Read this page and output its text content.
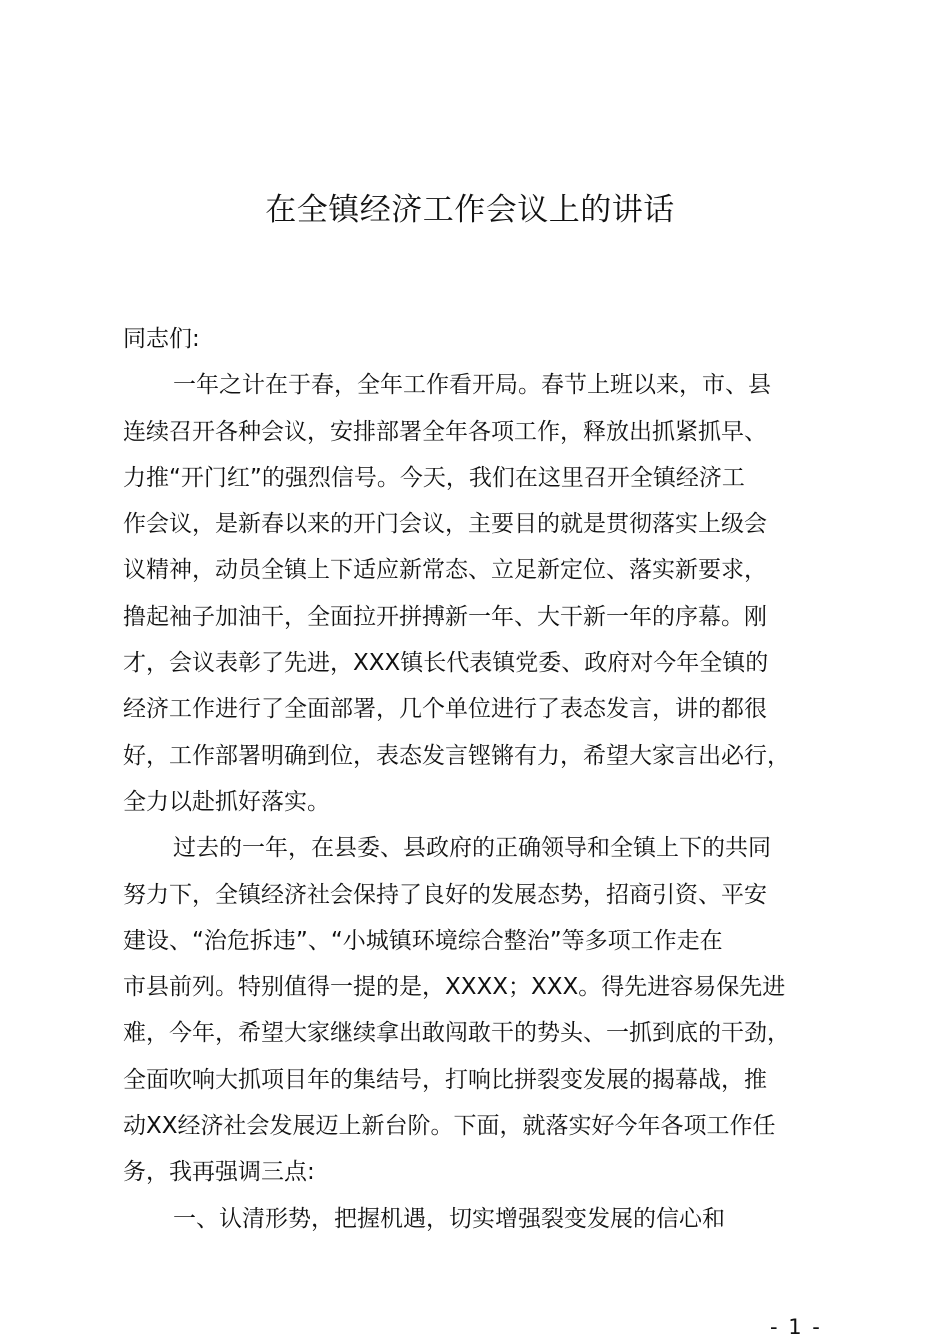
在全镇经济工作会议上的讲话
同志们:
一年之计在于春，全年工作看开局。春节上班以来，市、县
连续召开各种会议，安排部署全年各项工作，释放出抓紧抓早、
力推“开门红”的强烈信号。今天，我们在这里召开全镇经济工
作会议，是新春以来的开门会议，主要目的就是贯彻落实上级会
议精神，动员全镇上下适应新常态、立足新定位、落实新要求，
撸起袖子加油干，全面拉开拼搏新一年、大干新一年的序幕。刚
才，会议表彰了先进，XXX镇长代表镇党委、政府对今年全镇的
经济工作进行了全面部署，几个单位进行了表态发言，讲的都很
好，工作部署明确到位，表态发言铿锵有力，希望大家言出必行，
全力以赴抓好落实。
过去的一年，在县委、县政府的正确领导和全镇上下的共同
努力下，全镇经济社会保持了良好的发展态势，招商引资、平安
建设、“治危拆违”、“小城镇环境综合整治”等多项工作走在
市县前列。特别值得一提的是，XXXX；XXX。得先进容易保先进
难，今年，希望大家继续拿出敢闯敢干的势头、一抓到底的干劲，
全面吹响大抓项目年的集结号，打响比拼裂变发展的揭幕战，推
动XX经济社会发展迈上新台阶。下面，就落实好今年各项工作任
务，我再强调三点:
一、认清形势，把握机遇，切实增强裂变发展的信心和
- 1 -
